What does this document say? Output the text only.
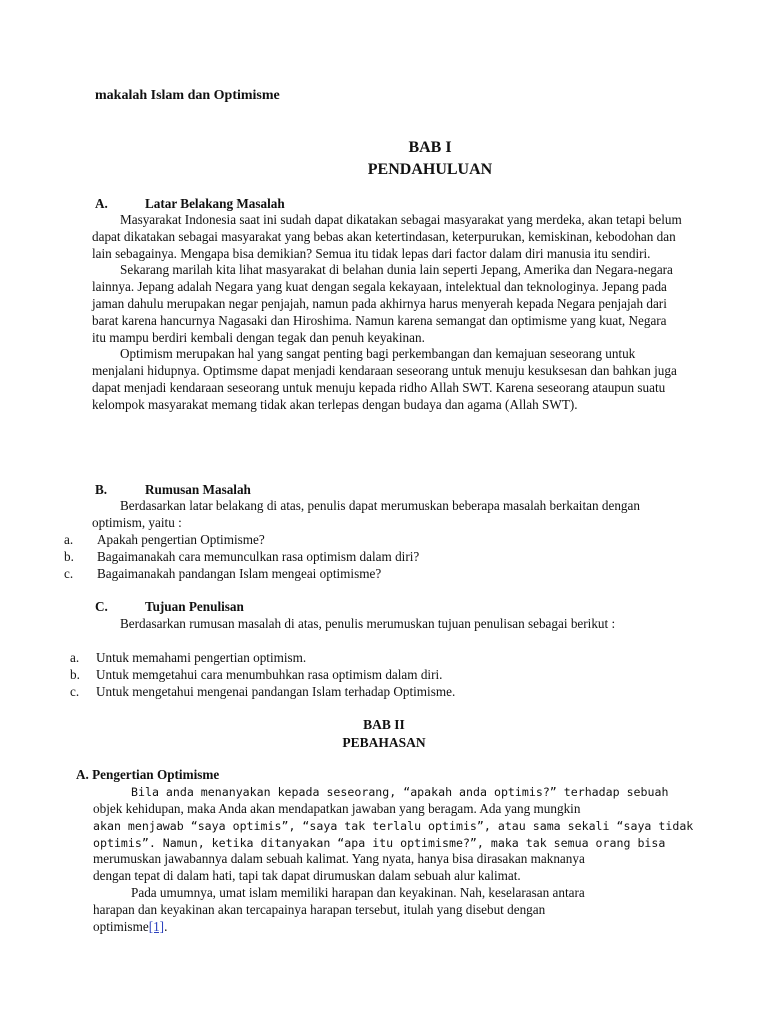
makalah Islam dan Optimisme
BAB I
PENDAHULUAN
A.	Latar Belakang Masalah

Masyarakat Indonesia saat ini sudah dapat dikatakan sebagai masyarakat yang merdeka, akan tetapi belum dapat dikatakan sebagai masyarakat yang bebas akan ketertindasan, keterpurukan, kemiskinan, kebodohan dan lain sebagainya. Mengapa bisa demikian? Semua itu tidak lepas dari factor dalam diri manusia itu sendiri.

Sekarang marilah kita lihat masyarakat di belahan dunia lain seperti Jepang, Amerika dan Negara-negara lainnya. Jepang adalah Negara yang kuat dengan segala kekayaan, intelektual dan teknologinya. Jepang pada jaman dahulu merupakan negar penjajah, namun pada akhirnya harus menyerah kepada Negara penjajah dari barat karena hancurnya Nagasaki dan Hiroshima. Namun karena semangat dan optimisme yang kuat, Negara itu mampu berdiri kembali dengan tegak dan penuh keyakinan.

Optimism merupakan hal yang sangat penting bagi perkembangan dan kemajuan seseorang untuk menjalani hidupnya. Optimsme dapat menjadi kendaraan seseorang untuk menuju kesuksesan dan bahkan juga dapat menjadi kendaraan seseorang untuk menuju kepada ridho Allah SWT. Karena seseorang ataupun suatu kelompok masyarakat memang tidak akan terlepas dengan budaya dan agama (Allah SWT).

B.	Rumusan Masalah

Berdasarkan latar belakang di atas, penulis dapat merumuskan beberapa masalah berkaitan dengan optimism, yaitu :

a. Apakah pengertian Optimisme?
b. Bagaimanakah cara memunculkan rasa optimism dalam diri?
c. Bagaimanakah pandangan Islam mengeai optimisme?
C.	Tujuan Penulisan

Berdasarkan rumusan masalah di atas, penulis merumuskan tujuan penulisan sebagai berikut :

a. Untuk memahami pengertian optimism.
b. Untuk memgetahui cara menumbuhkan rasa optimism dalam diri.
c. Untuk mengetahui mengenai pandangan Islam terhadap Optimisme.
BAB II
PEBAHASAN
A. Pengertian Optimisme
Bila anda menanyakan kepada seseorang, “apakah anda optimis?” terhadap sebuah
objek kehidupan, maka Anda akan mendapatkan jawaban yang beragam. Ada yang mungkin
akan menjawab “saya optimis”, “saya tak terlalu optimis”, atau sama sekali “saya tidak
optimis”. Namun, ketika ditanyakan “apa itu optimisme?”, maka tak semua orang bisa
merumuskan jawabannya dalam sebuah kalimat. Yang nyata, hanya bisa dirasakan maknanya
dengan tepat di dalam hati, tapi tak dapat dirumuskan dalam sebuah alur kalimat.
Pada umumnya, umat islam memiliki harapan dan keyakinan. Nah, keselarasan antara
harapan dan keyakinan akan tercapainya harapan tersebut, itulah yang disebut dengan
optimisme[1].
